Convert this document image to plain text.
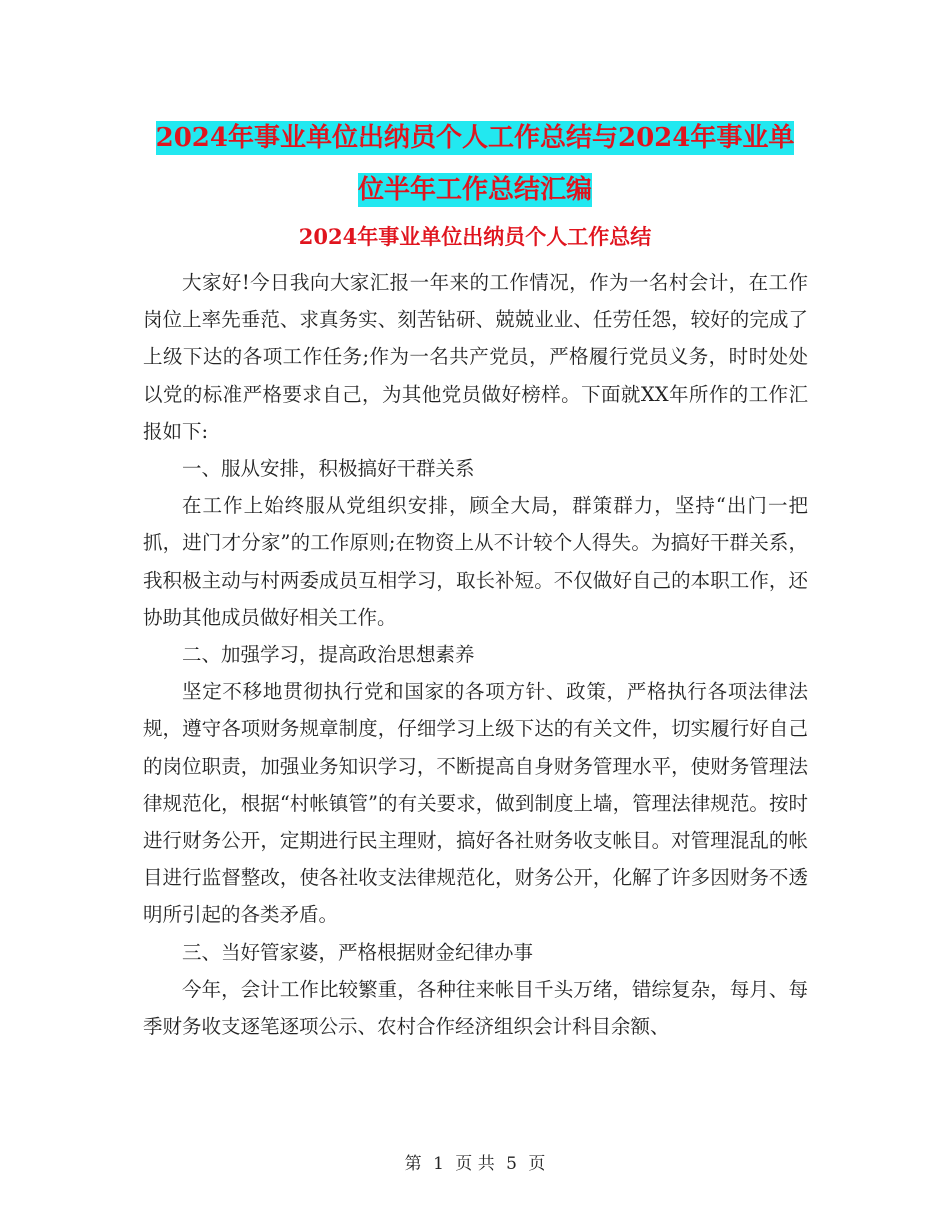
2024年事业单位出纳员个人工作总结与2024年事业单位半年工作总结汇编
2024年事业单位出纳员个人工作总结

大家好!今日我向大家汇报一年来的工作情况，作为一名村会计，在工作岗位上率先垂范、求真务实、刻苦钻研、兢兢业业、任劳任怨，较好的完成了上级下达的各项工作任务;作为一名共产党员，严格履行党员义务，时时处处以党的标准严格要求自己，为其他党员做好榜样。下面就XX年所作的工作汇报如下:

一、服从安排，积极搞好干群关系

在工作上始终服从党组织安排，顾全大局，群策群力，坚持“出门一把抓，进门才分家”的工作原则;在物资上从不计较个人得失。为搞好干群关系，我积极主动与村两委成员互相学习，取长补短。不仅做好自己的本职工作，还协助其他成员做好相关工作。

二、加强学习，提高政治思想素养

坚定不移地贯彻执行党和国家的各项方针、政策，严格执行各项法律法规，遵守各项财务规章制度，仔细学习上级下达的有关文件，切实履行好自己的岗位职责，加强业务知识学习，不断提高自身财务管理水平，使财务管理法律规范化，根据“村帐镇管”的有关要求，做到制度上墙，管理法律规范。按时进行财务公开，定期进行民主理财，搞好各社财务收支帐目。对管理混乱的帐目进行监督整改，使各社收支法律规范化，财务公开，化解了许多因财务不透明所引起的各类矛盾。

三、当好管家婆，严格根据财金纪律办事

今年，会计工作比较繁重，各种往来帐目千头万绪，错综复杂，每月、每季财务收支逐笔逐项公示、农村合作经济组织会计科目余额、

第 1 页 共 5 页
